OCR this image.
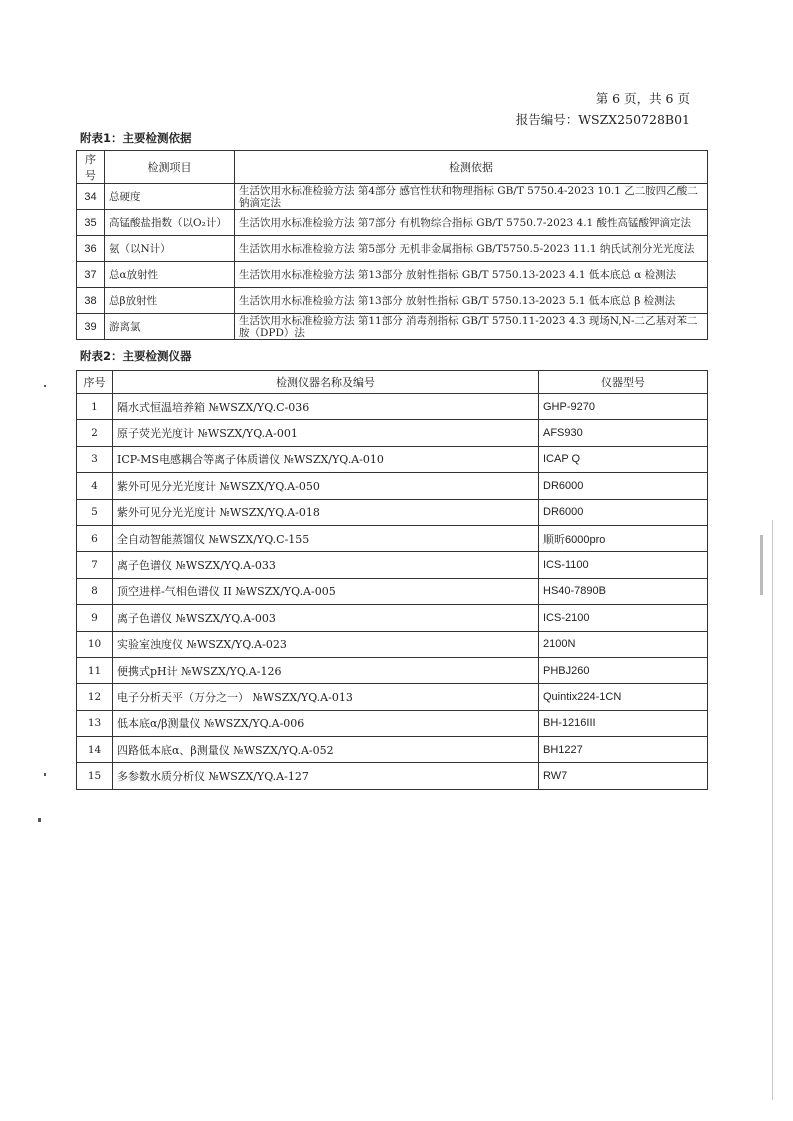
第 6 页，共 6 页
报告编号：WSZX250728B01
附表1：主要检测依据
序号	检测项目	检测依据
34	总硬度	生活饮用水标准检验方法 第4部分 感官性状和物理指标 GB/T 5750.4-2023 10.1 乙二胺四乙酸二钠滴定法
35	高锰酸盐指数（以O₂计）	生活饮用水标准检验方法 第7部分 有机物综合指标 GB/T 5750.7-2023 4.1 酸性高锰酸钾滴定法
36	氨（以N计）	生活饮用水标准检验方法 第5部分 无机非金属指标 GB/T5750.5-2023 11.1 纳氏试剂分光光度法
37	总α放射性	生活饮用水标准检验方法 第13部分 放射性指标 GB/T 5750.13-2023 4.1 低本底总 α 检测法
38	总β放射性	生活饮用水标准检验方法 第13部分 放射性指标 GB/T 5750.13-2023 5.1 低本底总 β 检测法
39	游离氯	生活饮用水标准检验方法 第11部分 消毒剂指标 GB/T 5750.11-2023 4.3 现场N,N-二乙基对苯二胺（DPD）法
附表2：主要检测仪器
序号	检测仪器名称及编号	仪器型号
1	隔水式恒温培养箱 №WSZX/YQ.C-036	GHP-9270
2	原子荧光光度计 №WSZX/YQ.A-001	AFS930
3	ICP-MS电感耦合等离子体质谱仪 №WSZX/YQ.A-010	ICAP Q
4	紫外可见分光光度计 №WSZX/YQ.A-050	DR6000
5	紫外可见分光光度计 №WSZX/YQ.A-018	DR6000
6	全自动智能蒸馏仪 №WSZX/YQ.C-155	顺昕6000pro
7	离子色谱仪 №WSZX/YQ.A-033	ICS-1100
8	顶空进样-气相色谱仪 II №WSZX/YQ.A-005	HS40-7890B
9	离子色谱仪 №WSZX/YQ.A-003	ICS-2100
10	实验室浊度仪 №WSZX/YQ.A-023	2100N
11	便携式pH计 №WSZX/YQ.A-126	PHBJ260
12	电子分析天平（万分之一） №WSZX/YQ.A-013	Quintix224-1CN
13	低本底α/β测量仪 №WSZX/YQ.A-006	BH-1216III
14	四路低本底α、β测量仪 №WSZX/YQ.A-052	BH1227
15	多参数水质分析仪 №WSZX/YQ.A-127	RW7
